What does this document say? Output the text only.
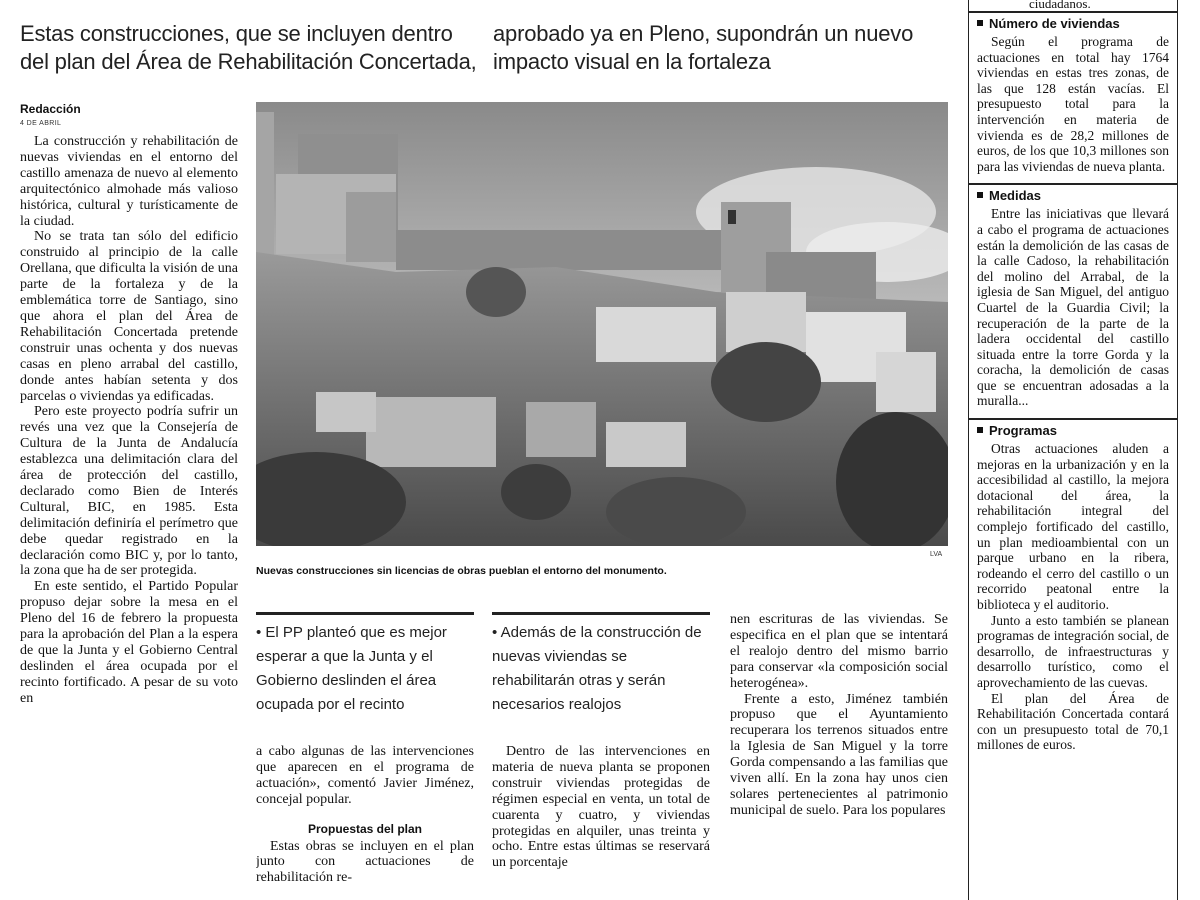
Estas construcciones, que se incluyen dentro
del plan del Área de Rehabilitación Concertada,
aprobado ya en Pleno, supondrán un nuevo
impacto visual en la fortaleza
Redacción
4 DE ABRIL

La construcción y rehabilitación de nuevas viviendas en el entorno del castillo amenaza de nuevo al elemento arquitectónico almohade más valioso histórica, cultural y turísticamente de la ciudad.

No se trata tan sólo del edificio construido al principio de la calle Orellana, que dificulta la visión de una parte de la fortaleza y de la emblemática torre de Santiago, sino que ahora el plan del Área de Rehabilitación Concertada pretende construir unas ochenta y dos nuevas casas en pleno arrabal del castillo, donde antes habían setenta y dos parcelas o viviendas ya edificadas.

Pero este proyecto podría sufrir un revés una vez que la Consejería de Cultura de la Junta de Andalucía establezca una delimitación clara del área de protección del castillo, declarado como Bien de Interés Cultural, BIC, en 1985. Esta delimitación definiría el perímetro que debe quedar registrado en la declaración como BIC y, por lo tanto, la zona que ha de ser protegida.

En este sentido, el Partido Popular propuso dejar sobre la mesa en el Pleno del 16 de febrero la propuesta para la aprobación del Plan a la espera de que la Junta y el Gobierno Central deslinden el área ocupada por el recinto fortificado. A pesar de su voto en

Nuevas construcciones sin licencias de obras pueblan el entorno del monumento.
LVA
• El PP planteó que es mejor esperar a que la Junta y el Gobierno deslinden el área ocupada por el recinto
• Además de la construcción de nuevas viviendas se rehabilitarán otras y serán necesarios realojos

a cabo algunas de las intervenciones que aparecen en el programa de actuación», comentó Javier Jiménez, concejal popular.

Propuestas del plan

Estas obras se incluyen en el plan junto con actuaciones de rehabilitación re-

Dentro de las intervenciones en materia de nueva planta se proponen construir viviendas protegidas de régimen especial en venta, un total de cuarenta y cuatro, y viviendas protegidas en alquiler, unas treinta y ocho. Entre estas últimas se reservará un porcentaje

nen escrituras de las viviendas. Se especifica en el plan que se intentará el realojo dentro del mismo barrio para conservar «la composición social heterogénea».

Frente a esto, Jiménez también propuso que el Ayuntamiento recuperara los terrenos situados entre la Iglesia de San Miguel y la torre Gorda compensando a las familias que viven allí. En la zona hay unos cien solares pertenecientes al patrimonio municipal de suelo. Para los populares

ciudadanos.
Número de viviendas

Según el programa de actuaciones en total hay 1764 viviendas en estas tres zonas, de las que 128 están vacías. El presupuesto total para la intervención en materia de vivienda es de 28,2 millones de euros, de los que 10,3 millones son para las viviendas de nueva planta.

Medidas

Entre las iniciativas que llevará a cabo el programa de actuaciones están la demolición de las casas de la calle Cadoso, la rehabilitación del molino del Arrabal, de la iglesia de San Miguel, del antiguo Cuartel de la Guardia Civil; la recuperación de la parte de la ladera occidental del castillo situada entre la torre Gorda y la coracha, la demolición de casas que se encuentran adosadas a la muralla...

Programas

Otras actuaciones aluden a mejoras en la urbanización y en la accesibilidad al castillo, la mejora dotacional del área, la rehabilitación integral del complejo fortificado del castillo, un plan medioambiental con un parque urbano en la ribera, rodeando el cerro del castillo o un recorrido peatonal entre la biblioteca y el auditorio.

Junto a esto también se planean programas de integración social, de desarrollo, de infraestructuras y desarrollo turístico, como el aprovechamiento de las cuevas.

El plan del Área de Rehabilitación Concertada contará con un presupuesto total de 70,1 millones de euros.
